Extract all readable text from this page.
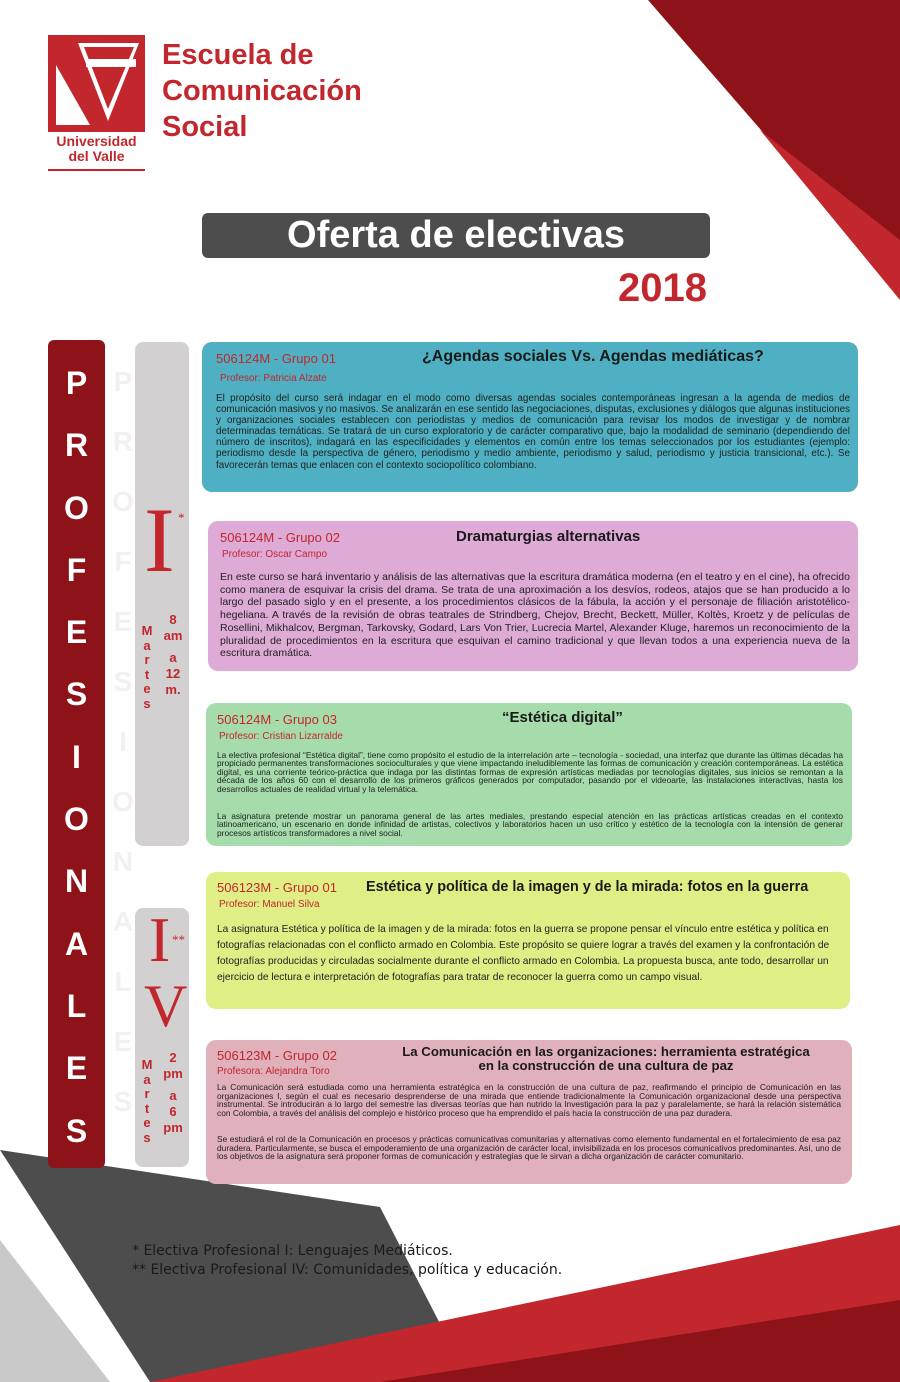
Universidad
del Valle
Escuela de
Comunicación
Social
Oferta de electivas
2018
P
R
O
F
E
S
I
O
N
A
L
E
S
P
R
O
F
E
S
I
O
N
A
L
E
S
I *
M
a
r
t
e
s
8
am
a
12
m.
I **
V
M
a
r
t
e
s
2
pm
a
6
pm
506124M - Grupo 01	¿Agendas sociales Vs. Agendas mediáticas?
Profesor: Patricia Alzate
El propósito del curso será indagar en el modo como diversas agendas sociales contemporáneas ingresan a la agenda de medios de comunicación masivos y no masivos. Se analizarán en ese sentido las negociaciones, disputas, exclusiones y diálogos que algunas instituciones y organizaciones sociales establecen con periodistas y medios de comunicación para revisar los modos de investigar y de nombrar determinadas temáticas. Se tratará de un curso exploratorio y de carácter comparativo que, bajo la modalidad de seminario (dependiendo del número de inscritos), indagará en las especificidades y elementos en común entre los temas seleccionados por los estudiantes (ejemplo: periodismo desde la perspectiva de género, periodismo y medio ambiente, periodismo y salud, periodismo y justicia transicional, etc.). Se favorecerán temas que enlacen con el contexto sociopolítico colombiano.
506124M - Grupo 02	Dramaturgias alternativas
Profesor: Oscar Campo
En este curso se hará inventario y análisis de las alternativas que la escritura dramática moderna (en el teatro y en el cine), ha ofrecido como manera de esquivar la crisis del drama. Se trata de una aproximación a los desvíos, rodeos, atajos que se han producido a lo largo del pasado siglo y en el presente, a los procedimientos clásicos de la fábula, la acción y el personaje de filiación aristotélico- hegeliana. A través de la revisión de obras teatrales de Strindberg, Chejov, Brecht, Beckett, Müller, Koltès, Kroetz y de películas de Rosellini, Mikhalcov, Bergman, Tarkovsky, Godard, Lars Von Trier, Lucrecia Martel, Alexander Kluge, haremos un reconocimiento de la pluralidad de procedimientos en la escritura que esquivan el camino tradicional y que llevan todos a una experiencia nueva de la escritura dramática.
506124M - Grupo 03	“Estética digital”
Profesor: Cristian Lizarralde
La electiva profesional “Estética digital”, tiene como propósito el estudio de la interrelación arte – tecnología - sociedad, una interfaz que durante las últimas décadas ha propiciado permanentes transformaciones socioculturales y que viene impactando ineludiblemente las formas de comunicación y creación contemporáneas. La estética digital, es una corriente teórico-práctica que indaga por las distintas formas de expresión artísticas mediadas por tecnologías digitales, sus inicios se remontan a la década de los años 60 con el desarrollo de los primeros gráficos generados por computador, pasando por el videoarte, las instalaciones interactivas, hasta los desarrollos actuales de realidad virtual y la telemática.
La asignatura pretende mostrar un panorama general de las artes mediales, prestando especial atención en las prácticas artísticas creadas en el contexto latinoamericano, un escenario en donde infinidad de artistas, colectivos y laboratorios hacen un uso crítico y estético de la tecnología con la intensión de generar procesos artísticos transformadores a nivel social.
506123M - Grupo 01 Estética y política de la imagen y de la mirada: fotos en la guerra
Profesor: Manuel Silva
La asignatura Estética y política de la imagen y de la mirada: fotos en la guerra se propone pensar el vínculo entre estética y política en fotografías relacionadas con el conflicto armado en Colombia. Este propósito se quiere lograr a través del examen y la confrontación de fotografías producidas y circuladas socialmente durante el conflicto armado en Colombia. La propuesta busca, ante todo, desarrollar un ejercicio de lectura e interpretación de fotografías para tratar de reconocer la guerra como un campo visual.
506123M - Grupo 02	La Comunicación en las organizaciones: herramienta estratégica
en la construcción de una cultura de paz
Profesora: Alejandra Toro
La Comunicación será estudiada como una herramienta estratégica en la construcción de una cultura de paz, reafirmando el principio de Comunicación en las organizaciones I, según el cual es necesario desprenderse de una mirada que entiende tradicionalmente la Comunicación organizacional desde una perspectiva instrumental. Se introducirán a lo largo del semestre las diversas teorías que han nutrido la Investigación para la paz y paralelamente, se hará la relación sistemática con Colombia, a través del análisis del complejo e histórico proceso que ha emprendido el país hacia la construcción de una paz duradera.
Se estudiará el rol de la Comunicación en procesos y prácticas comunicativas comunitarias y alternativas como elemento fundamental en el fortalecimiento de esa paz duradera. Particularmente, se busca el empoderamiento de una organización de carácter local, invisibilizada en los procesos comunicativos predominantes. Así, uno de los objetivos de la asignatura será proponer formas de comunicación y estrategias que le sirvan a dicha organización de carácter comunitario.
* Electiva Profesional I: Lenguajes Mediáticos.
** Electiva Profesional IV: Comunidades, política y educación.
